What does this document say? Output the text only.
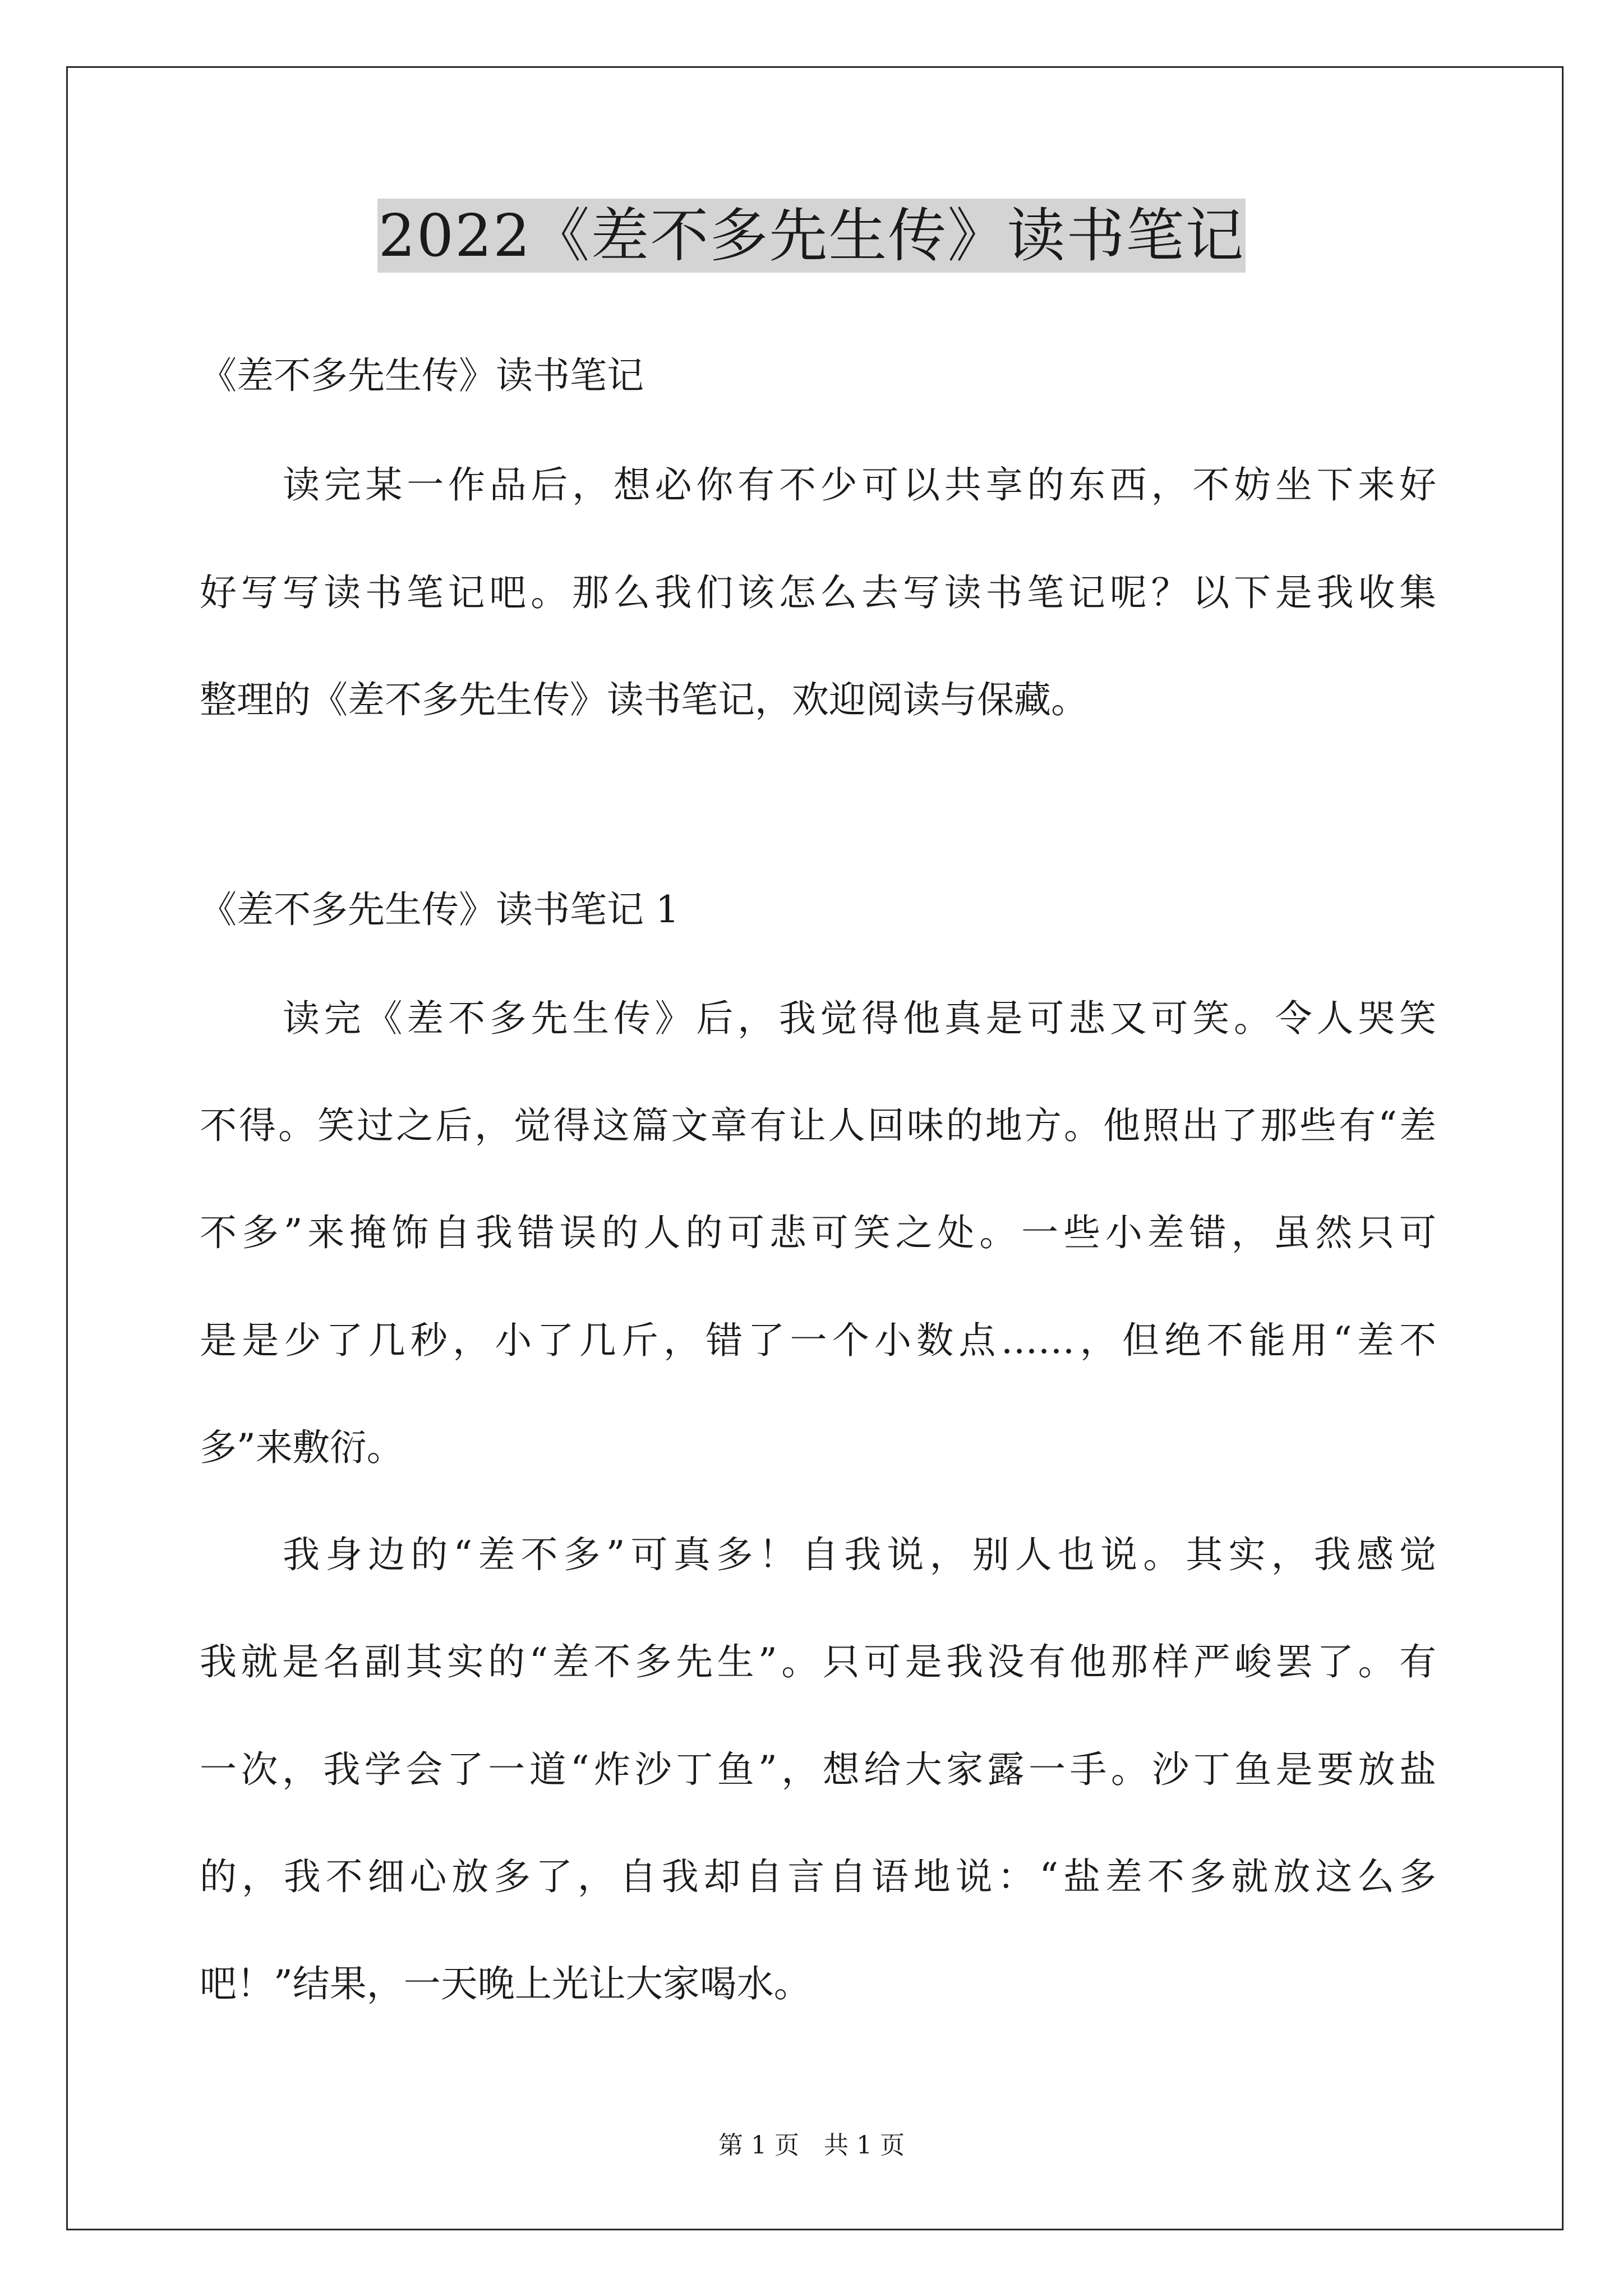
2022《差不多先生传》读书笔记
《差不多先生传》读书笔记
读完某一作品后，想必你有不少可以共享的东西，不妨坐下来好
好写写读书笔记吧。那么我们该怎么去写读书笔记呢？以下是我收集
整理的《差不多先生传》读书笔记，欢迎阅读与保藏。
《差不多先生传》读书笔记 1
读完《差不多先生传》后，我觉得他真是可悲又可笑。令人哭笑
不得。笑过之后，觉得这篇文章有让人回味的地方。他照出了那些有“差
不多”来掩饰自我错误的人的可悲可笑之处。一些小差错，虽然只可
是是少了几秒，小了几斤，错了一个小数点……，但绝不能用“差不
多”来敷衍。
我身边的“差不多”可真多！自我说，别人也说。其实，我感觉
我就是名副其实的“差不多先生”。只可是我没有他那样严峻罢了。有
一次，我学会了一道“炸沙丁鱼”，想给大家露一手。沙丁鱼是要放盐
的，我不细心放多了，自我却自言自语地说：“盐差不多就放这么多
吧！”结果，一天晚上光让大家喝水。
第 1 页　共 1 页
